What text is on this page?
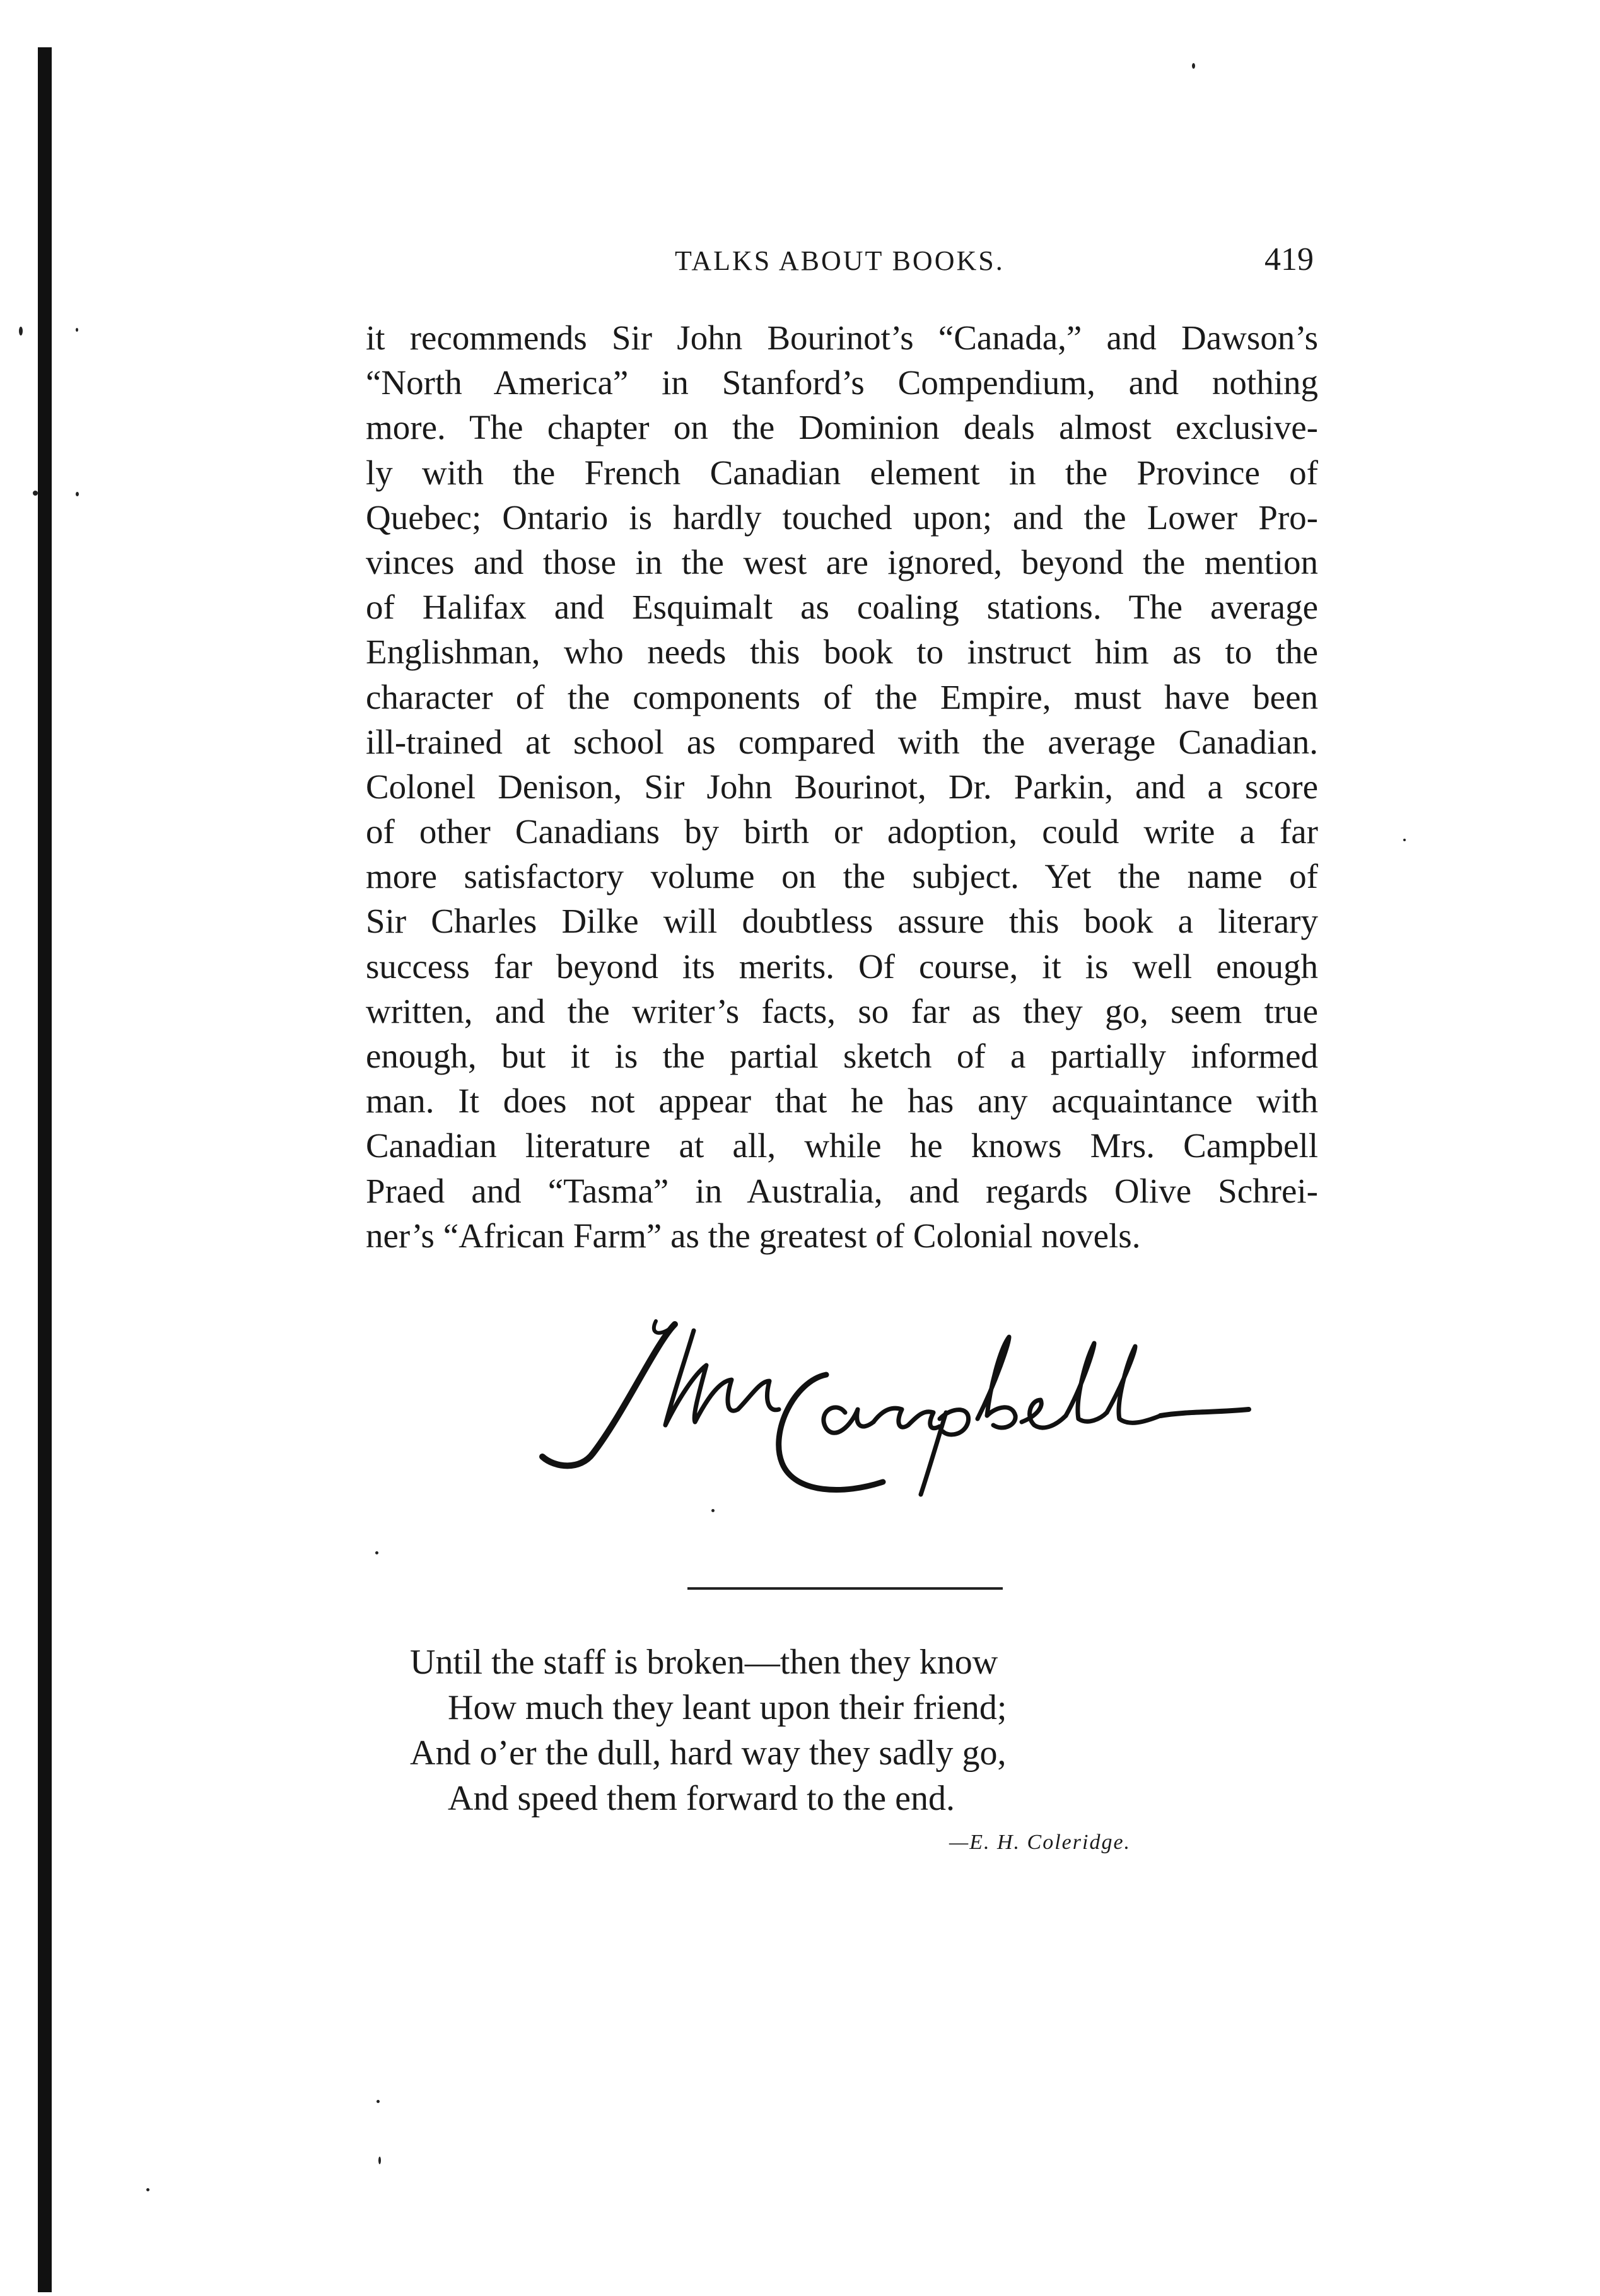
TALKS ABOUT BOOKS.	419

it recommends Sir John Bourinot’s “Canada,” and Dawson’s
“North America” in Stanford’s Compendium, and nothing
more. The chapter on the Dominion deals almost exclusive-
ly with the French Canadian element in the Province of
Quebec; Ontario is hardly touched upon; and the Lower Pro-
vinces and those in the west are ignored, beyond the mention
of Halifax and Esquimalt as coaling stations. The average
Englishman, who needs this book to instruct him as to the
character of the components of the Empire, must have been
ill-trained at school as compared with the average Canadian.
Colonel Denison, Sir John Bourinot, Dr. Parkin, and a score
of other Canadians by birth or adoption, could write a far
more satisfactory volume on the subject. Yet the name of
Sir Charles Dilke will doubtless assure this book a literary
success far beyond its merits. Of course, it is well enough
written, and the writer’s facts, so far as they go, seem true
enough, but it is the partial sketch of a partially informed
man. It does not appear that he has any acquaintance with
Canadian literature at all, while he knows Mrs. Campbell
Praed and “Tasma” in Australia, and regards Olive Schrei-
ner’s “African Farm” as the greatest of Colonial novels.

Until the staff is broken—then they know
How much they leant upon their friend;
And o’er the dull, hard way they sadly go,
And speed them forward to the end.

—E. H. Coleridge.
